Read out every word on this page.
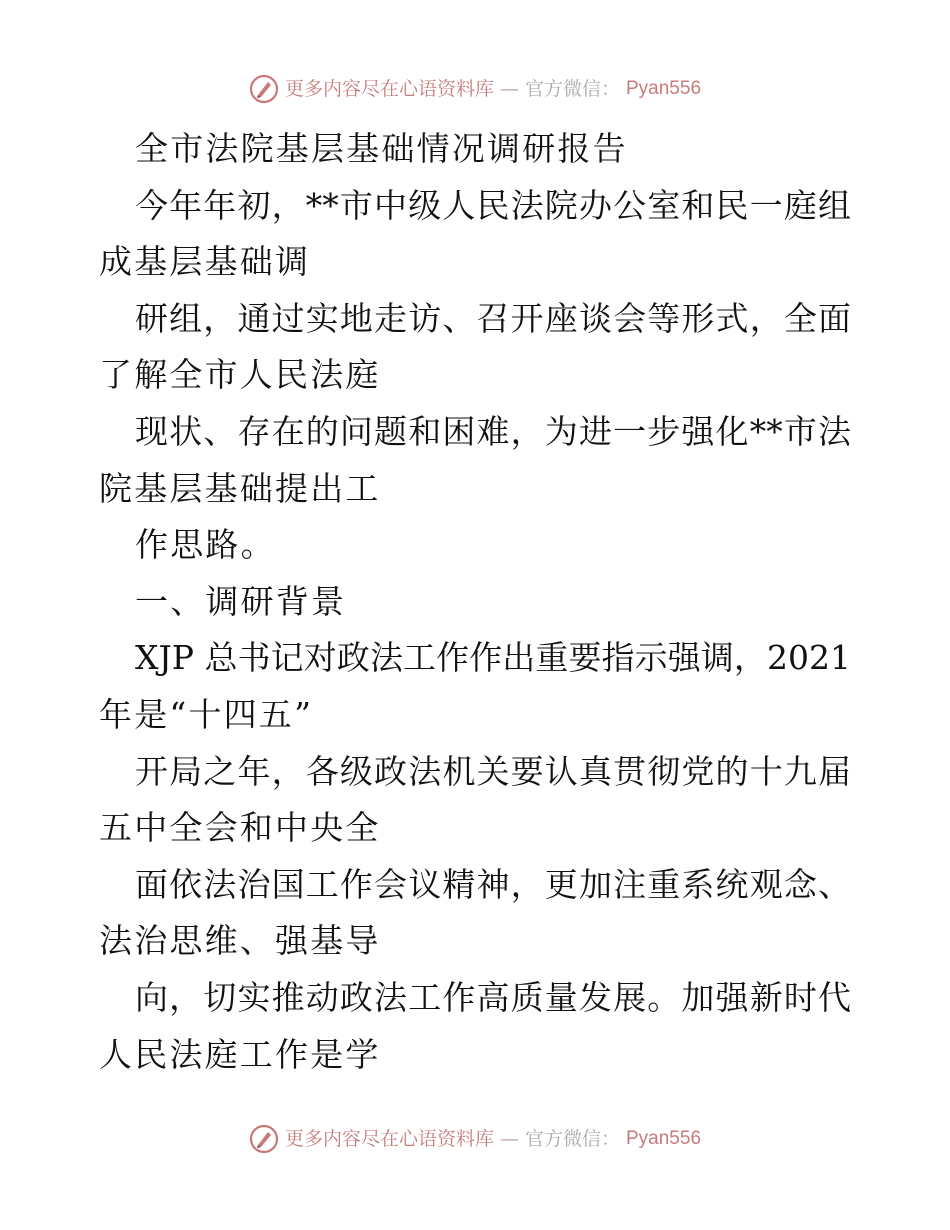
更多内容尽在心语资料库 — 官方微信： Pyan556
全市法院基层基础情况调研报告
今年年初，**市中级人民法院办公室和民一庭组
成基层基础调
研组，通过实地走访、召开座谈会等形式，全面
了解全市人民法庭
现状、存在的问题和困难，为进一步强化**市法
院基层基础提出工
作思路。
一、调研背景
XJP 总书记对政法工作作出重要指示强调，2021
年是“十四五”
开局之年，各级政法机关要认真贯彻党的十九届
五中全会和中央全
面依法治国工作会议精神，更加注重系统观念、
法治思维、强基导
向，切实推动政法工作高质量发展。加强新时代
人民法庭工作是学
更多内容尽在心语资料库 — 官方微信： Pyan556
